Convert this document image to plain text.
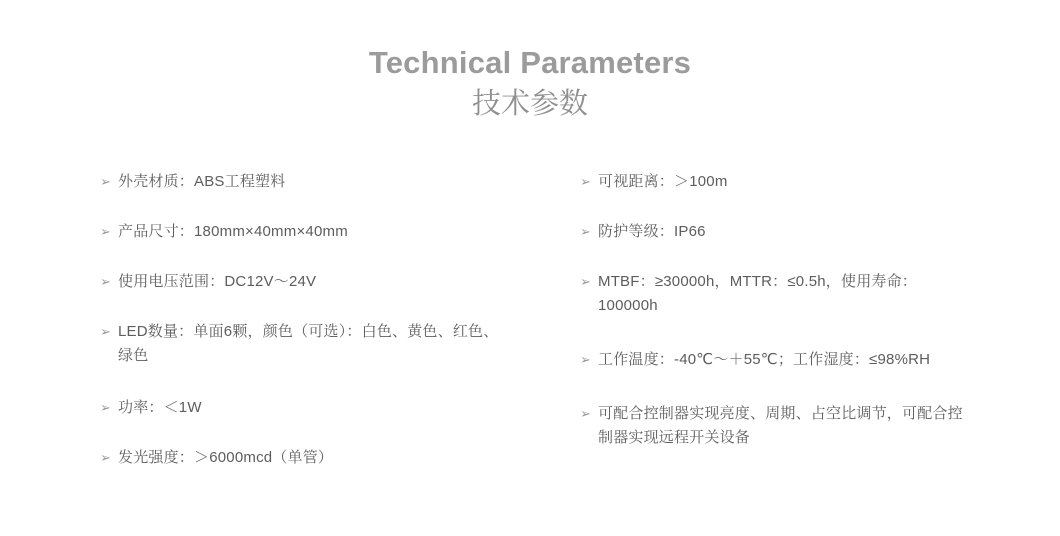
Technical Parameters
技术参数
➢ 外壳材质：ABS工程塑料
➢ 产品尺寸：180mm×40mm×40mm
➢ 使用电压范围：DC12V～24V
➢ LED数量：单面6颗，颜色（可选）：白色、黄色、红色、绿色
➢ 功率：＜1W
➢ 发光强度：＞6000mcd（单管）
➢ 可视距离：＞100m
➢ 防护等级：IP66
➢ MTBF：≥30000h，MTTR：≤0.5h，使用寿命：100000h
➢ 工作温度：-40℃～＋55℃；工作湿度：≤98%RH
➢ 可配合控制器实现亮度、周期、占空比调节，可配合控制器实现远程开关设备
